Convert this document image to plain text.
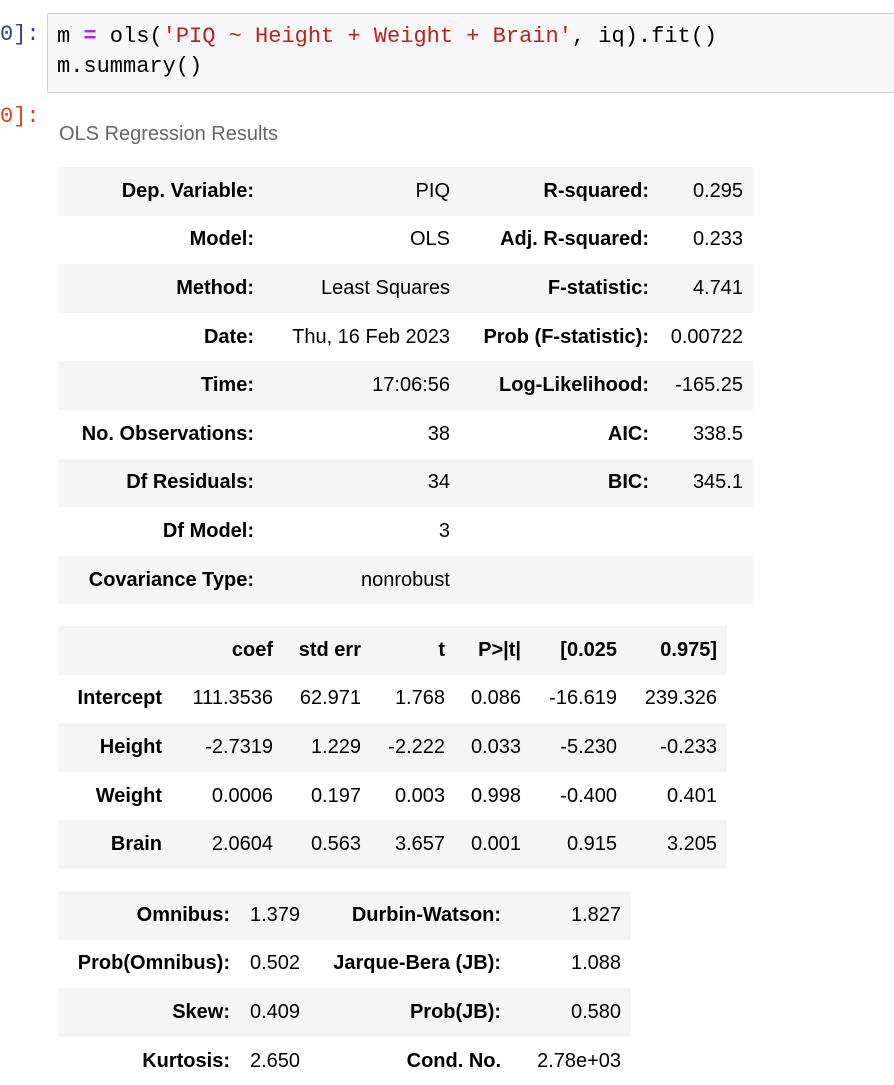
0]: m = ols('PIQ ~ Height + Weight + Brain', iq).fit()
m.summary()
0]:
OLS Regression Results
Dep. Variable:	PIQ	R-squared:	0.295
Model:	OLS	Adj. R-squared:	0.233
Method:	Least Squares	F-statistic:	4.741
Date:	Thu, 16 Feb 2023	Prob (F-statistic):	0.00722
Time:	17:06:56	Log-Likelihood:	-165.25
No. Observations:	38	AIC:	338.5
Df Residuals:	34	BIC:	345.1
Df Model:	3		
Covariance Type:	nonrobust		
	coef	std err	t	P>|t|	[0.025	0.975]
Intercept	111.3536	62.971	1.768	0.086	-16.619	239.326
Height	-2.7319	1.229	-2.222	0.033	-5.230	-0.233
Weight	0.0006	0.197	0.003	0.998	-0.400	0.401
Brain	2.0604	0.563	3.657	0.001	0.915	3.205
Omnibus:	1.379	Durbin-Watson:	1.827
Prob(Omnibus):	0.502	Jarque-Bera (JB):	1.088
Skew:	0.409	Prob(JB):	0.580
Kurtosis:	2.650	Cond. No.	2.78e+03
